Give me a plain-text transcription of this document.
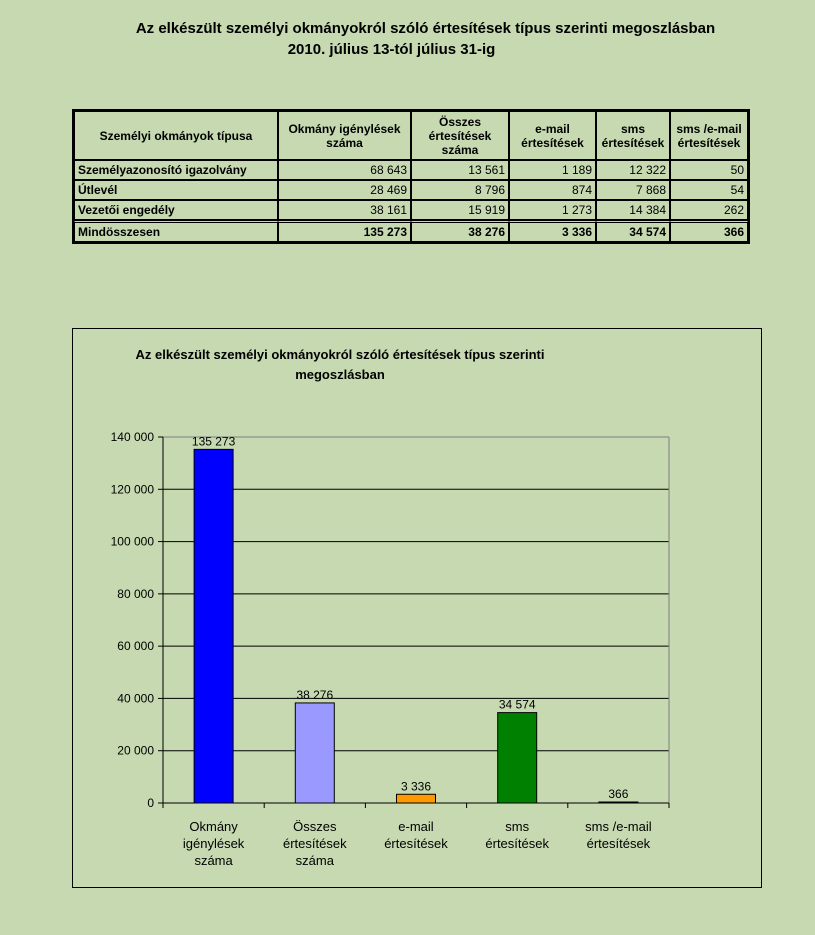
Az elkészült személyi okmányokról szóló értesítések típus szerinti megoszlásban
2010. július 13-tól július 31-ig
Személyi okmányok típusa	Okmány igénylések száma	Összes értesítések száma	e-mail értesítések	sms értesítések	sms /e-mail értesítések
Személyazonosító igazolvány	68 643	13 561	1 189	12 322	50
Útlevél	28 469	8 796	874	7 868	54
Vezetői engedély	38 161	15 919	1 273	14 384	262
Mindösszesen	135 273	38 276	3 336	34 574	366
Az elkészült személyi okmányokról szóló értesítések típus szerinti megoszlásban
0
20 000
40 000
60 000
80 000
100 000
120 000
140 000	135 273
Okmány
igénylések
száma
38 276
Összes
értesítések
száma
3 336
e-mail
értesítések
34 574
sms
értesítések
366
sms /e-mail
értesítések
